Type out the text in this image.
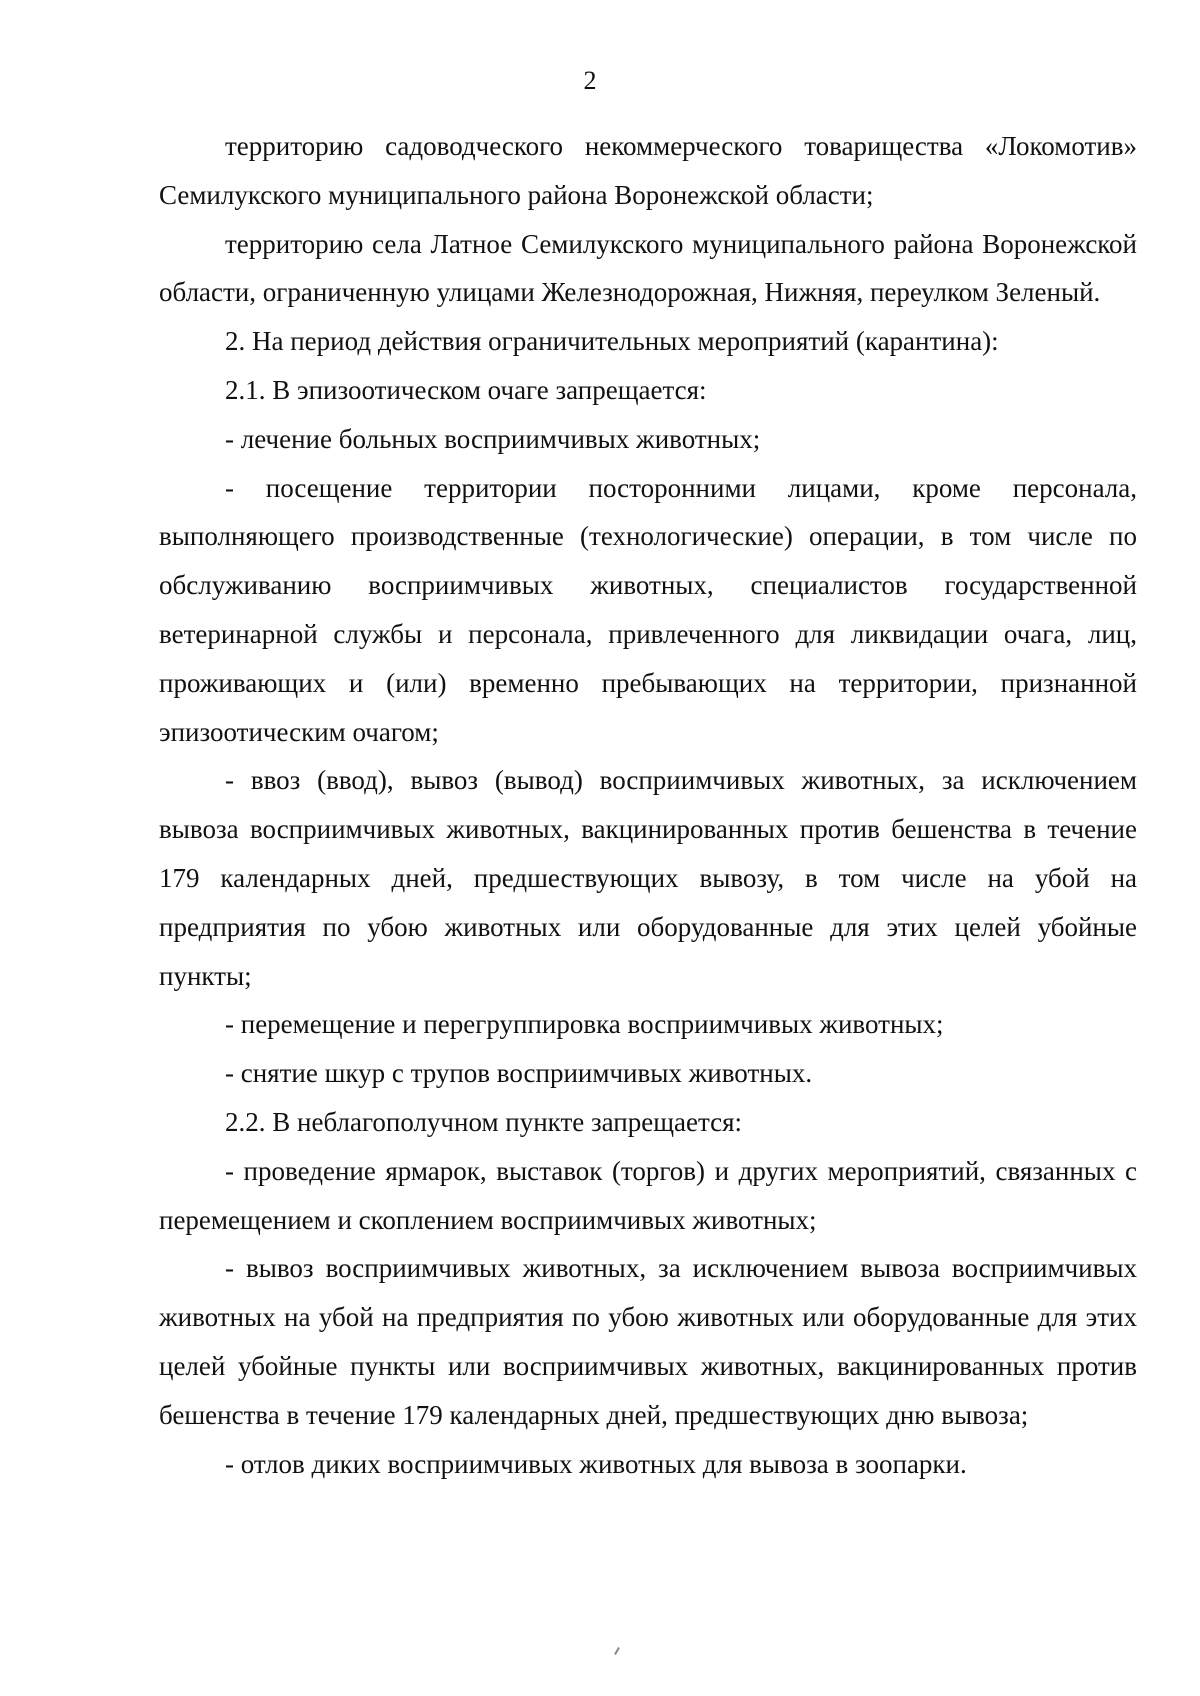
2

территорию садоводческого некоммерческого товарищества «Локомотив» Семилукского муниципального района Воронежской области;

территорию села Латное Семилукского муниципального района Воронежской области, ограниченную улицами Железнодорожная, Нижняя, переулком Зеленый.

2. На период действия ограничительных мероприятий (карантина):

2.1. В эпизоотическом очаге запрещается:

- лечение больных восприимчивых животных;

- посещение территории посторонними лицами, кроме персонала, выполняющего производственные (технологические) операции, в том числе по обслуживанию восприимчивых животных, специалистов государственной ветеринарной службы и персонала, привлеченного для ликвидации очага, лиц, проживающих и (или) временно пребывающих на территории, признанной эпизоотическим очагом;

- ввоз (ввод), вывоз (вывод) восприимчивых животных, за исключением вывоза восприимчивых животных, вакцинированных против бешенства в течение 179 календарных дней, предшествующих вывозу, в том числе на убой на предприятия по убою животных или оборудованные для этих целей убойные пункты;

- перемещение и перегруппировка восприимчивых животных;

- снятие шкур с трупов восприимчивых животных.

2.2. В неблагополучном пункте запрещается:

- проведение ярмарок, выставок (торгов) и других мероприятий, связанных с перемещением и скоплением восприимчивых животных;

- вывоз восприимчивых животных, за исключением вывоза восприимчивых животных на убой на предприятия по убою животных или оборудованные для этих целей убойные пункты или восприимчивых животных, вакцинированных против бешенства в течение 179 календарных дней, предшествующих дню вывоза;

- отлов диких восприимчивых животных для вывоза в зоопарки.
